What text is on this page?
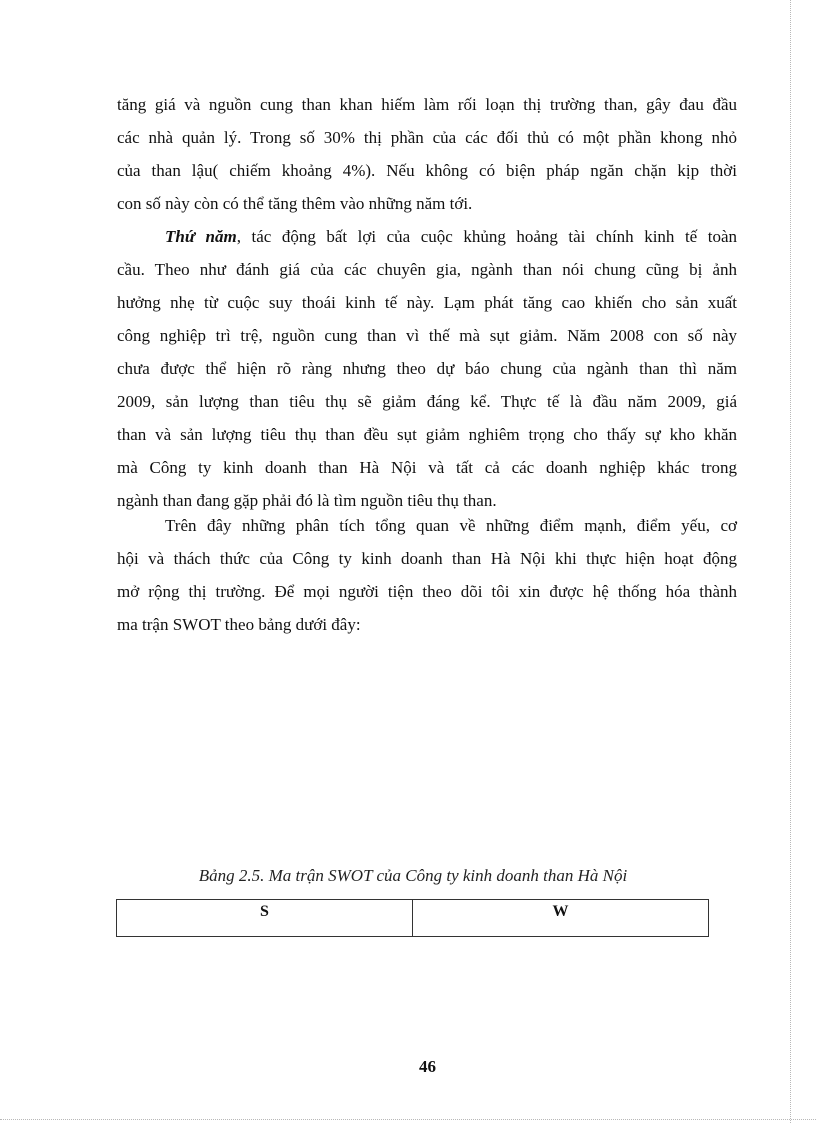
tăng giá và nguồn cung than khan hiếm làm rối loạn thị trường than, gây đau đầu
các nhà quản lý. Trong số 30% thị phần của các đối thủ có một phần khong nhỏ
của than lậu( chiếm khoảng 4%). Nếu không có biện pháp ngăn chặn kịp thời
con số này còn có thể tăng thêm vào những năm tới.
Thứ năm, tác động bất lợi của cuộc khủng hoảng tài chính kinh tế toàn
cầu. Theo như đánh giá của các chuyên gia, ngành than nói chung cũng bị ảnh
hưởng nhẹ từ cuộc suy thoái kinh tế này. Lạm phát tăng cao khiến cho sản xuất
công nghiệp trì trệ, nguồn cung than vì thế mà sụt giảm. Năm 2008 con số này
chưa được thể hiện rõ ràng nhưng theo dự báo chung của ngành than thì năm
2009, sản lượng than tiêu thụ sẽ giảm đáng kể. Thực tế là đầu năm 2009, giá
than và sản lượng tiêu thụ than đều sụt giảm nghiêm trọng cho thấy sự kho khăn
mà Công ty kinh doanh than Hà Nội và tất cả các doanh nghiệp khác trong
ngành than đang gặp phải đó là tìm nguồn tiêu thụ than.
Trên đây những phân tích tổng quan về những điểm mạnh, điểm yếu, cơ
hội và thách thức của Công ty kinh doanh than Hà Nội khi thực hiện hoạt động
mở rộng thị trường. Để mọi người tiện theo dõi tôi xin được hệ thống hóa thành
ma trận SWOT theo bảng dưới đây:

Bảng 2.5. Ma trận SWOT của Công ty kinh doanh than Hà Nội

S	W

46
